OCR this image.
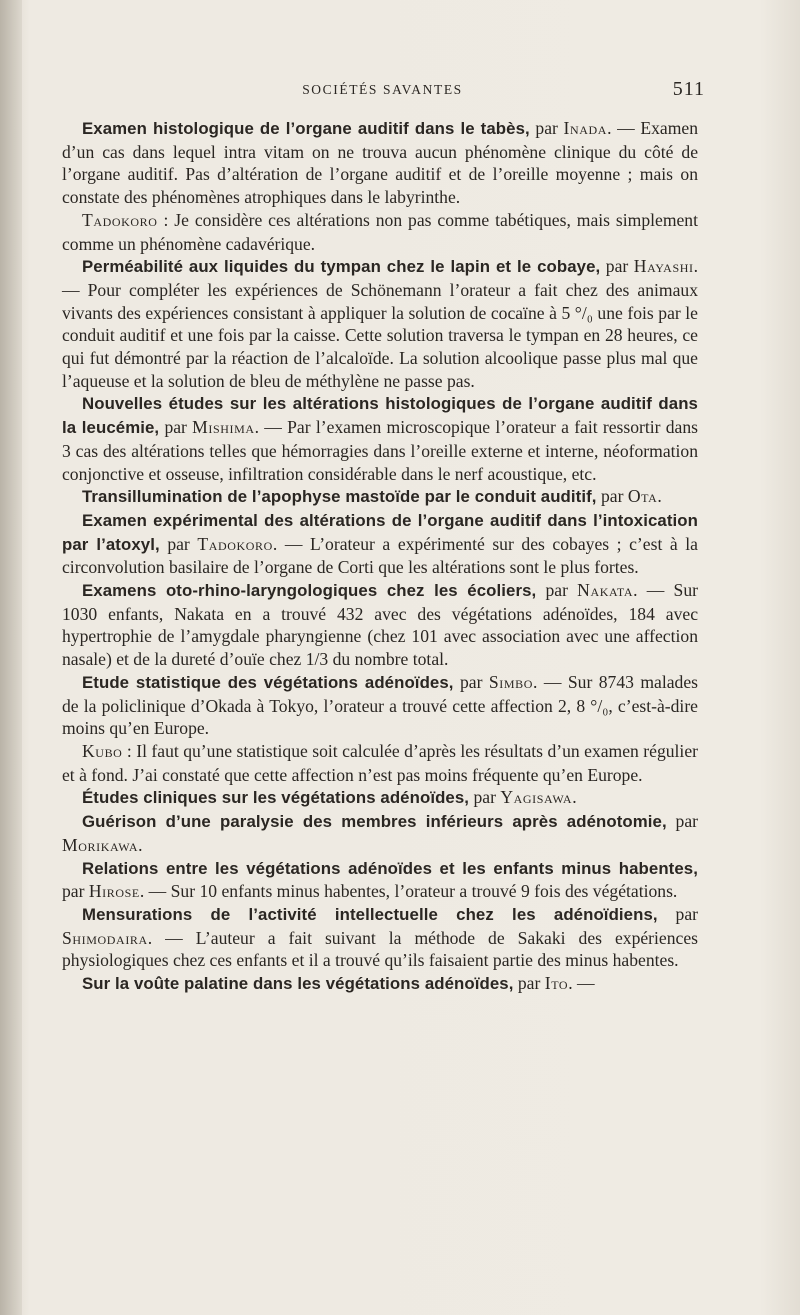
SOCIÉTÉS SAVANTES	511

Examen histologique de l’organe auditif dans le tabès, par Inada. — Examen d’un cas dans lequel intra vitam on ne trouva aucun phénomène clinique du côté de l’organe auditif. Pas d’altération de l’organe auditif et de l’oreille moyenne ; mais on constate des phénomènes atrophiques dans le labyrinthe.

Tadokoro : Je considère ces altérations non pas comme tabétiques, mais simplement comme un phénomène cadavérique.

Perméabilité aux liquides du tympan chez le lapin et le cobaye, par Hayashi. — Pour compléter les expériences de Schönemann l’orateur a fait chez des animaux vivants des expériences consistant à appliquer la solution de cocaïne à 5 °/₀ une fois par le conduit auditif et une fois par la caisse. Cette solution traversa le tympan en 28 heures, ce qui fut démontré par la réaction de l’alcaloïde. La solution alcoolique passe plus mal que l’aqueuse et la solution de bleu de méthylène ne passe pas.

Nouvelles études sur les altérations histologiques de l’organe auditif dans la leucémie, par Mishima. — Par l’examen microscopique l’orateur a fait ressortir dans 3 cas des altérations telles que hémorragies dans l’oreille externe et interne, néoformation conjonctive et osseuse, infiltration considérable dans le nerf acoustique, etc.

Transillumination de l’apophyse mastoïde par le conduit auditif, par Ota.

Examen expérimental des altérations de l’organe auditif dans l’intoxication par l’atoxyl, par Tadokoro. — L’orateur a expérimenté sur des cobayes ; c’est à la circonvolution basilaire de l’organe de Corti que les altérations sont le plus fortes.

Examens oto-rhino-laryngologiques chez les écoliers, par Nakata. — Sur 1030 enfants, Nakata en a trouvé 432 avec des végétations adénoïdes, 184 avec hypertrophie de l’amygdale pharyngienne (chez 101 avec association avec une affection nasale) et de la dureté d’ouïe chez 1/3 du nombre total.

Etude statistique des végétations adénoïdes, par Simbo. — Sur 8743 malades de la policlinique d’Okada à Tokyo, l’orateur a trouvé cette affection 2, 8 °/₀, c’est-à-dire moins qu’en Europe.

Kubo : Il faut qu’une statistique soit calculée d’après les résultats d’un examen régulier et à fond. J’ai constaté que cette affection n’est pas moins fréquente qu’en Europe.

Études cliniques sur les végétations adénoïdes, par Yagisawa.

Guérison d’une paralysie des membres inférieurs après adénotomie, par Morikawa.

Relations entre les végétations adénoïdes et les enfants minus habentes, par Hirose. — Sur 10 enfants minus habentes, l’orateur a trouvé 9 fois des végétations.

Mensurations de l’activité intellectuelle chez les adénoïdiens, par Shimodaira. — L’auteur a fait suivant la méthode de Sakaki des expériences physiologiques chez ces enfants et il a trouvé qu’ils faisaient partie des minus habentes.

Sur la voûte palatine dans les végétations adénoïdes, par Ito. —
